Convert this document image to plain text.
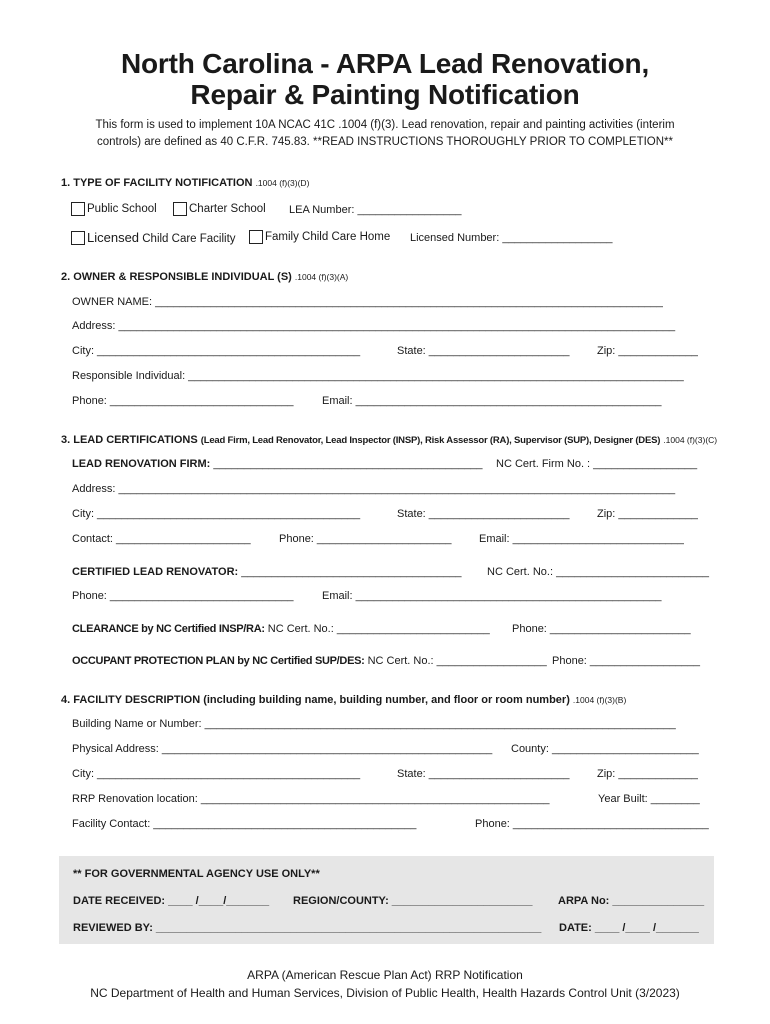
North Carolina - ARPA Lead Renovation,
Repair & Painting Notification
This form is used to implement 10A NCAC 41C .1004 (f)(3). Lead renovation, repair and painting activities (interim
controls) are defined as 40 C.F.R. 745.83. **READ INSTRUCTIONS THOROUGHLY PRIOR TO COMPLETION**
1. TYPE OF FACILITY NOTIFICATION .1004 (f)(3)(D)
Public School	Charter School LEA Number: _________________
Licensed Child Care Facility	Family Child Care Home Licensed Number: __________________
2. OWNER & RESPONSIBLE INDIVIDUAL (S) .1004 (f)(3)(A)
OWNER NAME: ___________________________________________________________________________________
Address: ___________________________________________________________________________________________
City: ___________________________________________	State: _______________________ Zip: _____________
Responsible Individual: _________________________________________________________________________________
Phone: ______________________________	Email: __________________________________________________
3. LEAD CERTIFICATIONS (Lead Firm, Lead Renovator, Lead Inspector (INSP), Risk Assessor (RA), Supervisor (SUP), Designer (DES) .1004 (f)(3)(C)
LEAD RENOVATION FIRM: ____________________________________________ NC Cert. Firm No. : _________________
Address: ___________________________________________________________________________________________
City: ___________________________________________	State: _______________________ Zip: _____________
Contact: ______________________	Phone: ______________________ Email: ____________________________
CERTIFIED LEAD RENOVATOR: ____________________________________ NC Cert. No.: _________________________
Phone: ______________________________	Email: __________________________________________________
CLEARANCE by NC Certified INSP/RA: NC Cert. No.: _________________________ Phone: _______________________
OCCUPANT PROTECTION PLAN by NC Certified SUP/DES: NC Cert. No.: __________________ Phone: __________________
4. FACILITY DESCRIPTION (including building name, building number, and floor or room number) .1004 (f)(3)(B)
Building Name or Number: _____________________________________________________________________________
Physical Address: ______________________________________________________ County: ________________________
City: ___________________________________________	State: _______________________ Zip: _____________
RRP Renovation location: _________________________________________________________	Year Built: ________
Facility Contact: ___________________________________________	Phone: ________________________________
** FOR GOVERNMENTAL AGENCY USE ONLY**
DATE RECEIVED: ____ /____/_______ REGION/COUNTY: _______________________ ARPA No: _______________
REVIEWED BY: _______________________________________________________________ DATE: ____ /____ /_______
ARPA (American Rescue Plan Act) RRP Notification
NC Department of Health and Human Services, Division of Public Health, Health Hazards Control Unit (3/2023)
